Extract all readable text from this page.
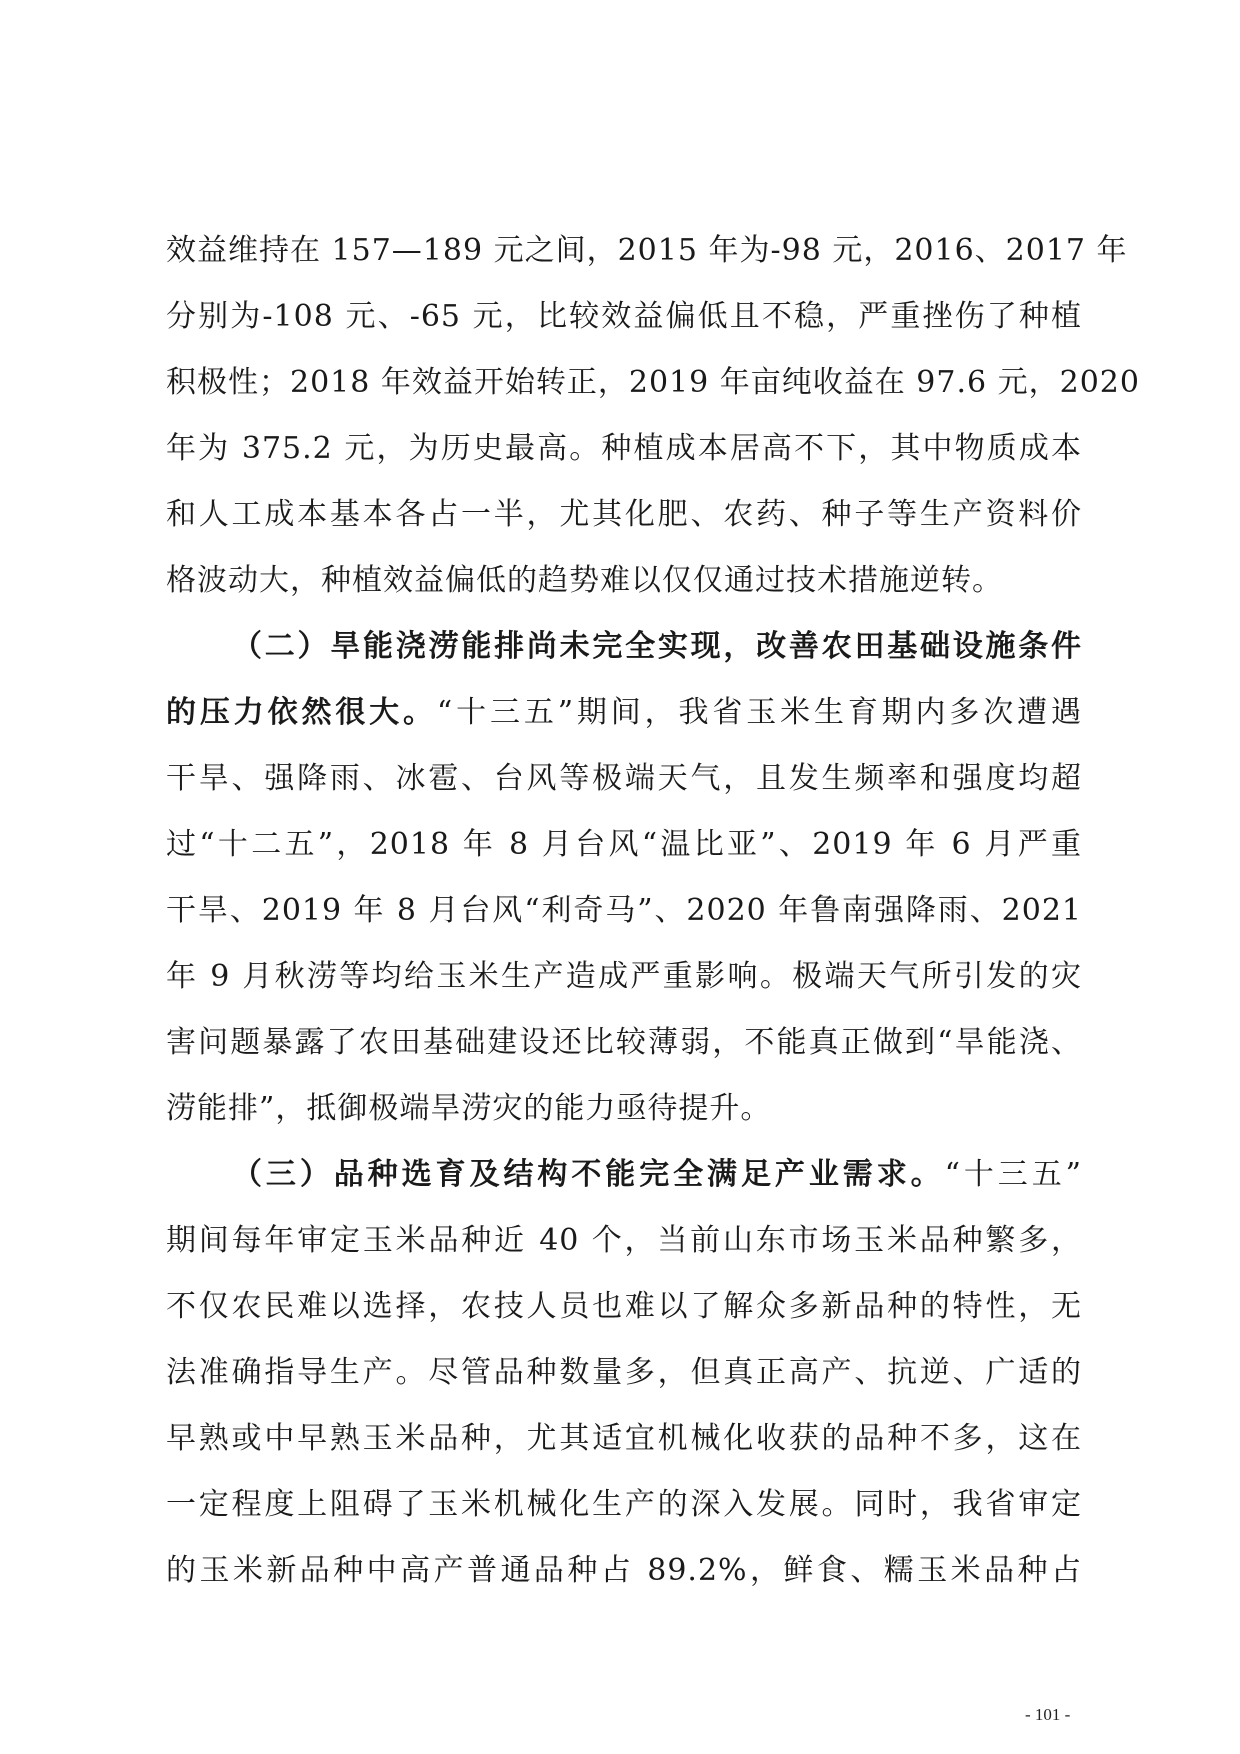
效益维持在 157—189 元之间，2015 年为-98 元，2016、2017 年
分别为-108 元、-65 元，比较效益偏低且不稳，严重挫伤了种植
积极性；2018 年效益开始转正，2019 年亩纯收益在 97.6 元，2020
年为 375.2 元，为历史最高。种植成本居高不下，其中物质成本
和人工成本基本各占一半，尤其化肥、农药、种子等生产资料价
格波动大，种植效益偏低的趋势难以仅仅通过技术措施逆转。
（二）旱能浇涝能排尚未完全实现，改善农田基础设施条件
的压力依然很大。“十三五”期间，我省玉米生育期内多次遭遇
干旱、强降雨、冰雹、台风等极端天气，且发生频率和强度均超
过“十二五”，2018 年 8 月台风“温比亚”、2019 年 6 月严重
干旱、2019 年 8 月台风“利奇马”、2020 年鲁南强降雨、2021
年 9 月秋涝等均给玉米生产造成严重影响。极端天气所引发的灾
害问题暴露了农田基础建设还比较薄弱，不能真正做到“旱能浇、
涝能排”，抵御极端旱涝灾的能力亟待提升。
（三）品种选育及结构不能完全满足产业需求。“十三五”
期间每年审定玉米品种近 40 个，当前山东市场玉米品种繁多，
不仅农民难以选择，农技人员也难以了解众多新品种的特性，无
法准确指导生产。尽管品种数量多，但真正高产、抗逆、广适的
早熟或中早熟玉米品种，尤其适宜机械化收获的品种不多，这在
一定程度上阻碍了玉米机械化生产的深入发展。同时，我省审定
的玉米新品种中高产普通品种占 89.2%，鲜食、糯玉米品种占
- 101 -
